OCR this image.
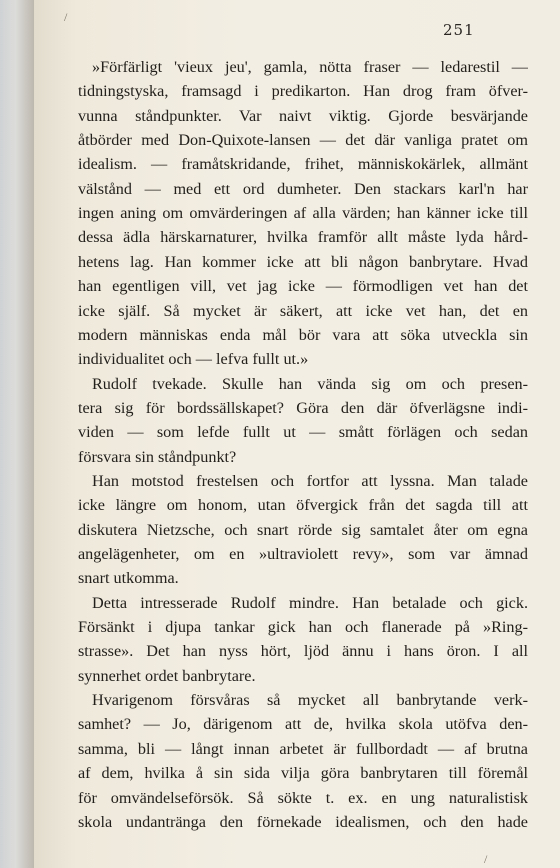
/
251
»Förfärligt 'vieux jeu', gamla, nötta fraser — ledarestil —
tidningstyska, framsagd i predikarton. Han drog fram öfver-
vunna ståndpunkter. Var naivt viktig. Gjorde besvärjande
åtbörder med Don-Quixote-lansen — det där vanliga pratet om
idealism. — framåtskridande, frihet, människokärlek, allmänt
välstånd — med ett ord dumheter. Den stackars karl'n har
ingen aning om omvärderingen af alla värden; han känner icke till
dessa ädla härskarnaturer, hvilka framför allt måste lyda hård-
hetens lag. Han kommer icke att bli någon banbrytare. Hvad
han egentligen vill, vet jag icke — förmodligen vet han det
icke själf. Så mycket är säkert, att icke vet han, det en
modern människas enda mål bör vara att söka utveckla sin
individualitet och — lefva fullt ut.»
Rudolf tvekade. Skulle han vända sig om och presen-
tera sig för bordssällskapet? Göra den där öfverlägsne indi-
viden — som lefde fullt ut — smått förlägen och sedan
försvara sin ståndpunkt?
Han motstod frestelsen och fortfor att lyssna. Man talade
icke längre om honom, utan öfvergick från det sagda till att
diskutera Nietzsche, och snart rörde sig samtalet åter om egna
angelägenheter, om en »ultraviolett revy», som var ämnad
snart utkomma.
Detta intresserade Rudolf mindre. Han betalade och gick.
Försänkt i djupa tankar gick han och flanerade på »Ring-
strasse». Det han nyss hört, ljöd ännu i hans öron. I all
synnerhet ordet banbrytare.
Hvarigenom försvåras så mycket all banbrytande verk-
samhet? — Jo, därigenom att de, hvilka skola utöfva den-
samma, bli — långt innan arbetet är fullbordadt — af brutna
af dem, hvilka å sin sida vilja göra banbrytaren till föremål
för omvändelseförsök. Så sökte t. ex. en ung naturalistisk
skola undantränga den förnekade idealismen, och den hade
/
